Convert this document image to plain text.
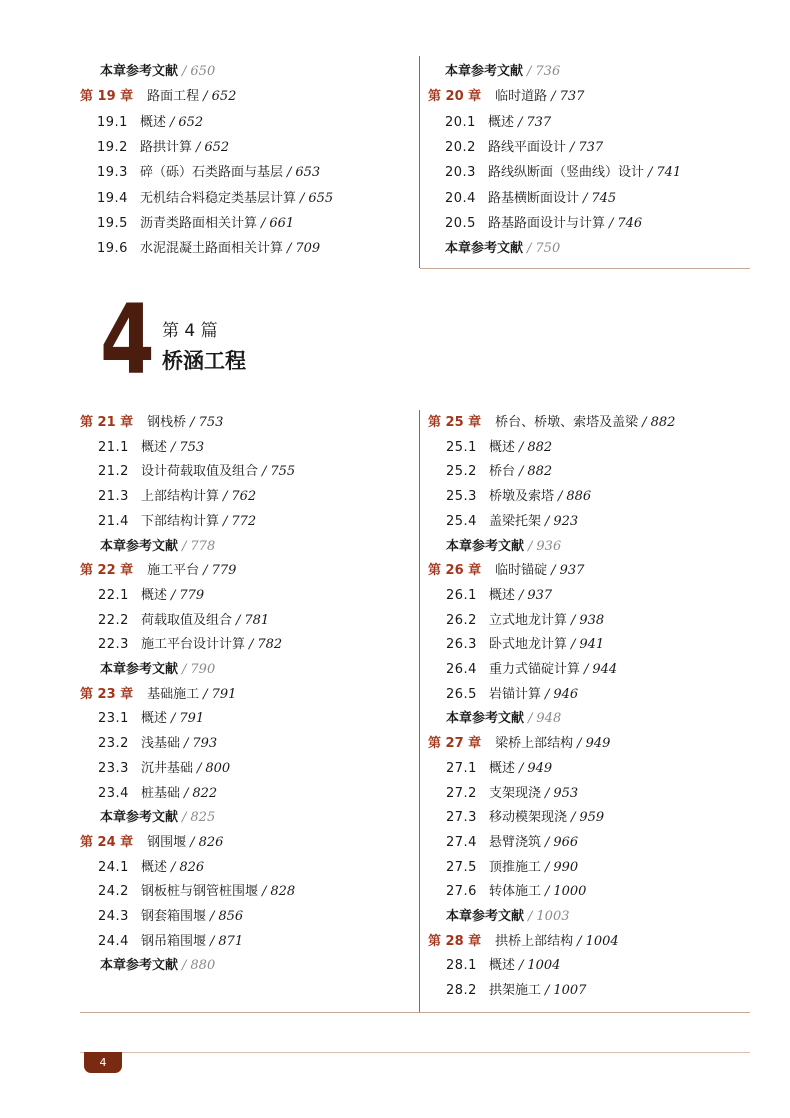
4 第 4 篇
桥涵工程
本章参考文献 / 650
第 19 章 路面工程 / 652
19.1 概述 / 652
19.2 路拱计算 / 652
19.3 碎（砾）石类路面与基层 / 653
19.4 无机结合料稳定类基层计算 / 655
19.5 沥青类路面相关计算 / 661
19.6 水泥混凝土路面相关计算 / 709
本章参考文献 / 736
第 20 章 临时道路 / 737
20.1 概述 / 737
20.2 路线平面设计 / 737
20.3 路线纵断面（竖曲线）设计 / 741
20.4 路基横断面设计 / 745
20.5 路基路面设计与计算 / 746
本章参考文献 / 750
第 21 章 钢栈桥 / 753
21.1 概述 / 753
21.2 设计荷载取值及组合 / 755
21.3 上部结构计算 / 762
21.4 下部结构计算 / 772
本章参考文献 / 778
第 22 章 施工平台 / 779
22.1 概述 / 779
22.2 荷载取值及组合 / 781
22.3 施工平台设计计算 / 782
本章参考文献 / 790
第 23 章 基础施工 / 791
23.1 概述 / 791
23.2 浅基础 / 793
23.3 沉井基础 / 800
23.4 桩基础 / 822
本章参考文献 / 825
第 24 章 钢围堰 / 826
24.1 概述 / 826
24.2 钢板桩与钢管桩围堰 / 828
24.3 钢套箱围堰 / 856
24.4 钢吊箱围堰 / 871
本章参考文献 / 880
第 25 章 桥台、桥墩、索塔及盖梁 / 882
25.1 概述 / 882
25.2 桥台 / 882
25.3 桥墩及索塔 / 886
25.4 盖梁托架 / 923
本章参考文献 / 936
第 26 章 临时锚碇 / 937
26.1 概述 / 937
26.2 立式地龙计算 / 938
26.3 卧式地龙计算 / 941
26.4 重力式锚碇计算 / 944
26.5 岩锚计算 / 946
本章参考文献 / 948
第 27 章 梁桥上部结构 / 949
27.1 概述 / 949
27.2 支架现浇 / 953
27.3 移动模架现浇 / 959
27.4 悬臂浇筑 / 966
27.5 顶推施工 / 990
27.6 转体施工 / 1000
本章参考文献 / 1003
第 28 章 拱桥上部结构 / 1004
28.1 概述 / 1004
28.2 拱架施工 / 1007
4
